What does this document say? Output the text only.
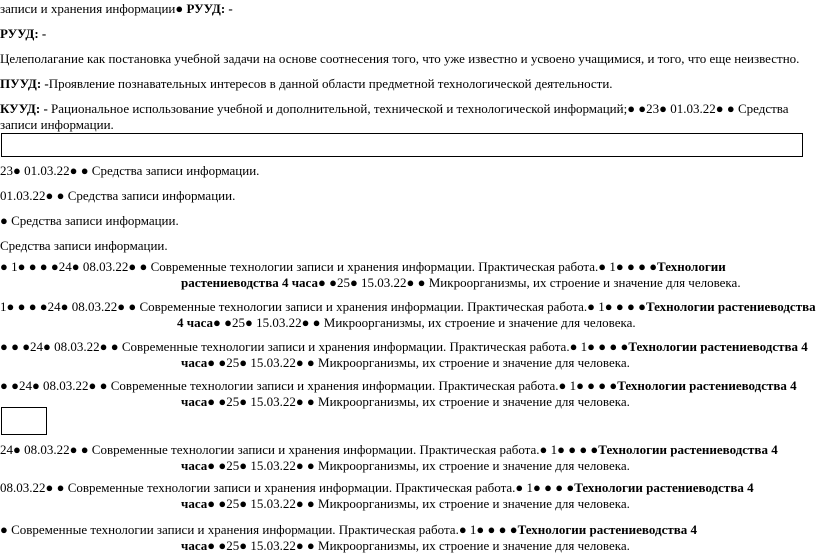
записи и хранения информации● РУУД: -
РУУД: -
Целеполагание как постановка учебной задачи на основе соотнесения того, что уже известно и усвоено учащимися, и того, что еще неизвестно.
ПУУД: -Проявление познавательных интересов в данной области предметной технологической деятельности.
КУУД: - Рациональное использование учебной и дополнительной, технической и технологической информаций;● ●23● 01.03.22● ● Средства
записи информации.
23● 01.03.22● ● Средства записи информации.
01.03.22● ● Средства записи информации.
● Средства записи информации.
Средства записи информации.
● 1● ● ● ●24● 08.03.22● ● Современные технологии записи и хранения информации. Практическая работа.● 1● ● ● ●Технологии
растениеводства 4 часа● ●25● 15.03.22● ● Микроорганизмы, их строение и значение для человека.
1● ● ● ●24● 08.03.22● ● Современные технологии записи и хранения информации. Практическая работа.● 1● ● ● ●Технологии растениеводства
4 часа● ●25● 15.03.22● ● Микроорганизмы, их строение и значение для человека.
● ● ●24● 08.03.22● ● Современные технологии записи и хранения информации. Практическая работа.● 1● ● ● ●Технологии растениеводства 4
часа● ●25● 15.03.22● ● Микроорганизмы, их строение и значение для человека.
● ●24● 08.03.22● ● Современные технологии записи и хранения информации. Практическая работа.● 1● ● ● ●Технологии растениеводства 4
часа● ●25● 15.03.22● ● Микроорганизмы, их строение и значение для человека.
24● 08.03.22● ● Современные технологии записи и хранения информации. Практическая работа.● 1● ● ● ●Технологии растениеводства 4
часа● ●25● 15.03.22● ● Микроорганизмы, их строение и значение для человека.
08.03.22● ● Современные технологии записи и хранения информации. Практическая работа.● 1● ● ● ●Технологии растениеводства 4
часа● ●25● 15.03.22● ● Микроорганизмы, их строение и значение для человека.
● Современные технологии записи и хранения информации. Практическая работа.● 1● ● ● ●Технологии растениеводства 4
часа● ●25● 15.03.22● ● Микроорганизмы, их строение и значение для человека.
